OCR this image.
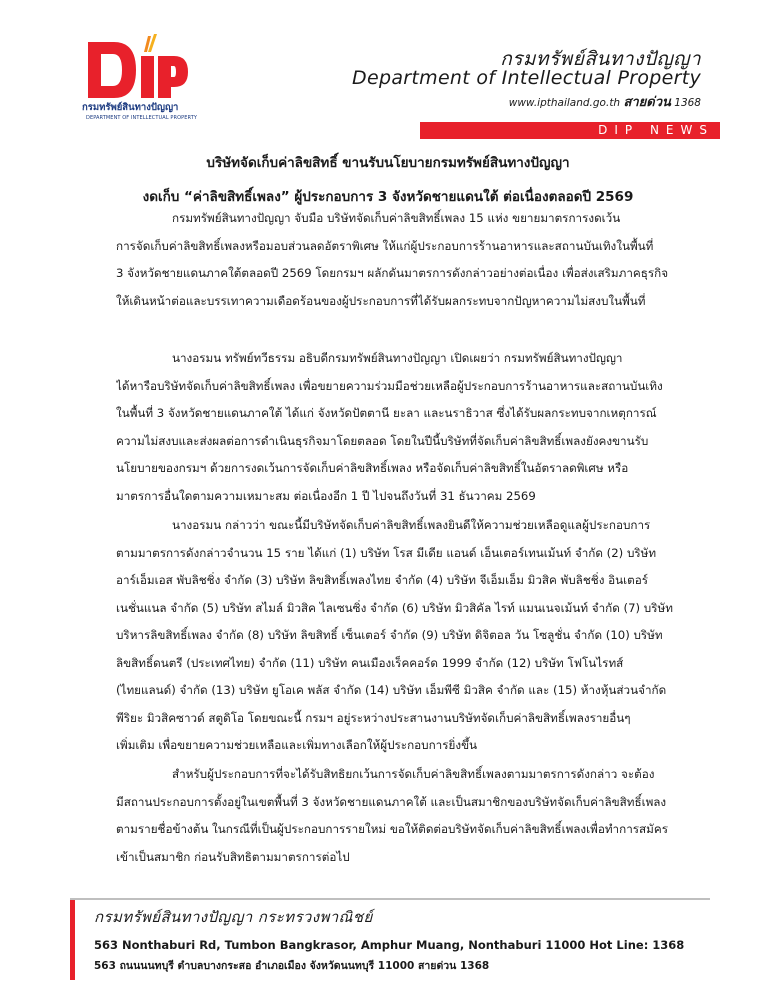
กรมทรัพย์สินทางปัญญา
DEPARTMENT OF INTELLECTUAL PROPERTY
กรมทรัพย์สินทางปัญญา
Department of Intellectual Property
www.ipthailand.go.th สายด่วน 1368
DIP NEWS
บริษัทจัดเก็บค่าลิขสิทธิ์ ขานรับนโยบายกรมทรัพย์สินทางปัญญา
งดเก็บ “ค่าลิขสิทธิ์เพลง” ผู้ประกอบการ 3 จังหวัดชายแดนใต้ ต่อเนื่องตลอดปี 2569
กรมทรัพย์สินทางปัญญา จับมือ บริษัทจัดเก็บค่าลิขสิทธิ์เพลง 15 แห่ง ขยายมาตรการงดเว้น
การจัดเก็บค่าลิขสิทธิ์เพลงหรือมอบส่วนลดอัตราพิเศษ ให้แก่ผู้ประกอบการร้านอาหารและสถานบันเทิงในพื้นที่
3 จังหวัดชายแดนภาคใต้ตลอดปี 2569 โดยกรมฯ ผลักดันมาตรการดังกล่าวอย่างต่อเนื่อง เพื่อส่งเสริมภาคธุรกิจ
ให้เดินหน้าต่อและบรรเทาความเดือดร้อนของผู้ประกอบการที่ได้รับผลกระทบจากปัญหาความไม่สงบในพื้นที่
นางอรมน ทรัพย์ทวีธรรม อธิบดีกรมทรัพย์สินทางปัญญา เปิดเผยว่า กรมทรัพย์สินทางปัญญา
ได้หารือบริษัทจัดเก็บค่าลิขสิทธิ์เพลง เพื่อขยายความร่วมมือช่วยเหลือผู้ประกอบการร้านอาหารและสถานบันเทิง
ในพื้นที่ 3 จังหวัดชายแดนภาคใต้ ได้แก่ จังหวัดปัตตานี ยะลา และนราธิวาส ซึ่งได้รับผลกระทบจากเหตุการณ์
ความไม่สงบและส่งผลต่อการดำเนินธุรกิจมาโดยตลอด โดยในปีนี้บริษัทที่จัดเก็บค่าลิขสิทธิ์เพลงยังคงขานรับ
นโยบายของกรมฯ ด้วยการงดเว้นการจัดเก็บค่าลิขสิทธิ์เพลง หรือจัดเก็บค่าลิขสิทธิ์ในอัตราลดพิเศษ หรือ
มาตรการอื่นใดตามความเหมาะสม ต่อเนื่องอีก 1 ปี ไปจนถึงวันที่ 31 ธันวาคม 2569
นางอรมน กล่าวว่า ขณะนี้มีบริษัทจัดเก็บค่าลิขสิทธิ์เพลงยินดีให้ความช่วยเหลือดูแลผู้ประกอบการ
ตามมาตรการดังกล่าวจำนวน 15 ราย ได้แก่ (1) บริษัท โรส มีเดีย แอนด์ เอ็นเตอร์เทนเม้นท์ จำกัด (2) บริษัท
อาร์เอ็มเอส พับลิชชิ่ง จำกัด (3) บริษัท ลิขสิทธิ์เพลงไทย จำกัด (4) บริษัท จีเอ็มเอ็ม มิวสิค พับลิชชิ่ง อินเตอร์
เนชั่นแนล จำกัด (5) บริษัท สไมล์ มิวสิค ไลเซนซิ่ง จำกัด (6) บริษัท มิวสิคัล ไรท์ แมนเนจเม้นท์ จำกัด (7) บริษัท
บริหารลิขสิทธิ์เพลง จำกัด (8) บริษัท ลิขสิทธิ์ เซ็นเตอร์ จำกัด (9) บริษัท ดิจิตอล วัน โซลูชั่น จำกัด (10) บริษัท
ลิขสิทธิ์ดนตรี (ประเทศไทย) จำกัด (11) บริษัท คนเมืองเร็คคอร์ด 1999 จำกัด (12) บริษัท โฟโนไรทส์
(ไทยแลนด์) จำกัด (13) บริษัท ยูโอเค พลัส จำกัด (14) บริษัท เอ็มพีซี มิวสิค จำกัด และ (15) ห้างหุ้นส่วนจำกัด
พีริยะ มิวสิคซาวด์ สตูดิโอ โดยขณะนี้ กรมฯ อยู่ระหว่างประสานงานบริษัทจัดเก็บค่าลิขสิทธิ์เพลงรายอื่นๆ
เพิ่มเติม เพื่อขยายความช่วยเหลือและเพิ่มทางเลือกให้ผู้ประกอบการยิ่งขึ้น
สำหรับผู้ประกอบการที่จะได้รับสิทธิยกเว้นการจัดเก็บค่าลิขสิทธิ์เพลงตามมาตรการดังกล่าว จะต้อง
มีสถานประกอบการตั้งอยู่ในเขตพื้นที่ 3 จังหวัดชายแดนภาคใต้ และเป็นสมาชิกของบริษัทจัดเก็บค่าลิขสิทธิ์เพลง
ตามรายชื่อข้างต้น ในกรณีที่เป็นผู้ประกอบการรายใหม่ ขอให้ติดต่อบริษัทจัดเก็บค่าลิขสิทธิ์เพลงเพื่อทำการสมัคร
เข้าเป็นสมาชิก ก่อนรับสิทธิตามมาตรการต่อไป
กรมทรัพย์สินทางปัญญา กระทรวงพาณิชย์
563 Nonthaburi Rd, Tumbon Bangkrasor, Amphur Muang, Nonthaburi 11000 Hot Line: 1368
563 ถนนนนทบุรี ตำบลบางกระสอ อำเภอเมือง จังหวัดนนทบุรี 11000 สายด่วน 1368
